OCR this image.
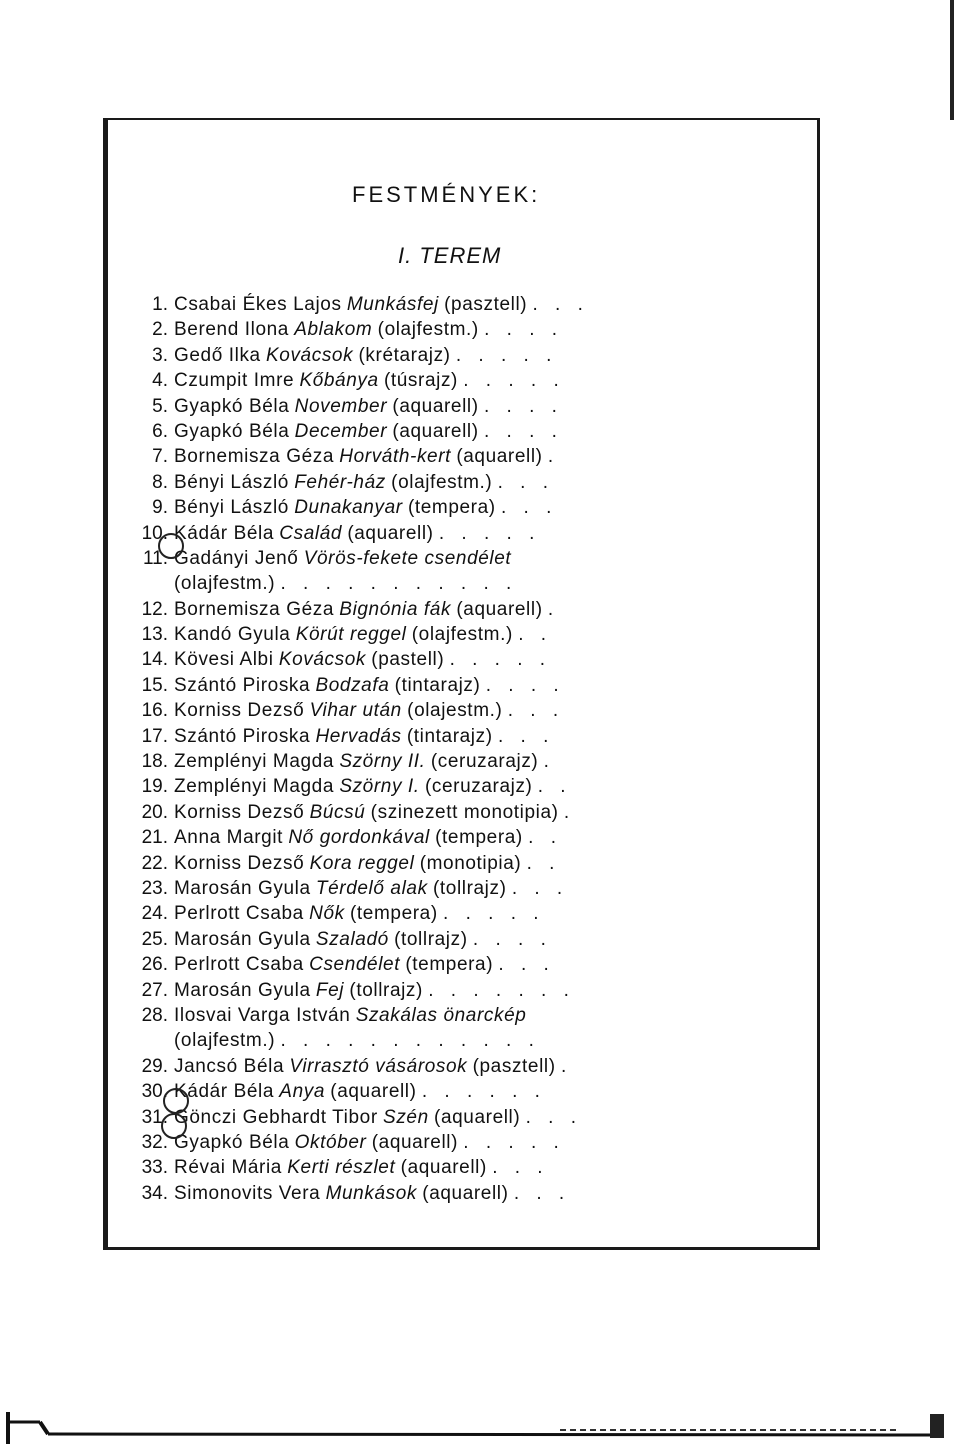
FESTMÉNYEK:
I. TEREM
1. Csabai Ékes Lajos Munkásfej (pasztell) . . .
2. Berend Ilona Ablakom (olajfestm.) . . . .
3. Gedő Ilka Kovácsok (krétarajz) . . . . .
4. Czumpit Imre Kőbánya (túsrajz) . . . . .
5. Gyapkó Béla November (aquarell) . . . .
6. Gyapkó Béla December (aquarell) . . . .
7. Bornemisza Géza Horváth-kert (aquarell) .
8. Bényi László Fehér-ház (olajfestm.) . . .
9. Bényi László Dunakanyar (tempera) . . .
10. Kádár Béla Család (aquarell) . . . . .
11. Gadányi Jenő Vörös-fekete csendélet
(olajfestm.) . . . . . . . . . . .
12. Bornemisza Géza Bignónia fák (aquarell) .
13. Kandó Gyula Körút reggel (olajfestm.) . .
14. Kövesi Albi Kovácsok (pastell) . . . . .
15. Szántó Piroska Bodzafa (tintarajz) . . . .
16. Korniss Dezső Vihar után (olajestm.) . . .
17. Szántó Piroska Hervadás (tintarajz) . . .
18. Zemplényi Magda Szörny II. (ceruzarajz) .
19. Zemplényi Magda Szörny I. (ceruzarajz) . .
20. Korniss Dezső Búcsú (szinezett monotipia) .
21. Anna Margit Nő gordonkával (tempera) . .
22. Korniss Dezső Kora reggel (monotipia) . .
23. Marosán Gyula Térdelő alak (tollrajz) . . .
24. Perlrott Csaba Nők (tempera) . . . . .
25. Marosán Gyula Szaladó (tollrajz) . . . .
26. Perlrott Csaba Csendélet (tempera) . . .
27. Marosán Gyula Fej (tollrajz) . . . . . . .
28. Ilosvai Varga István Szakálas önarckép
(olajfestm.) . . . . . . . . . . . .
29. Jancsó Béla Virrasztó vásárosok (pasztell) .
30. Kádár Béla Anya (aquarell) . . . . . .
31. Gönczi Gebhardt Tibor Szén (aquarell) . . .
32. Gyapkó Béla Október (aquarell) . . . . .
33. Révai Mária Kerti részlet (aquarell) . . .
34. Simonovits Vera Munkások (aquarell) . . .
